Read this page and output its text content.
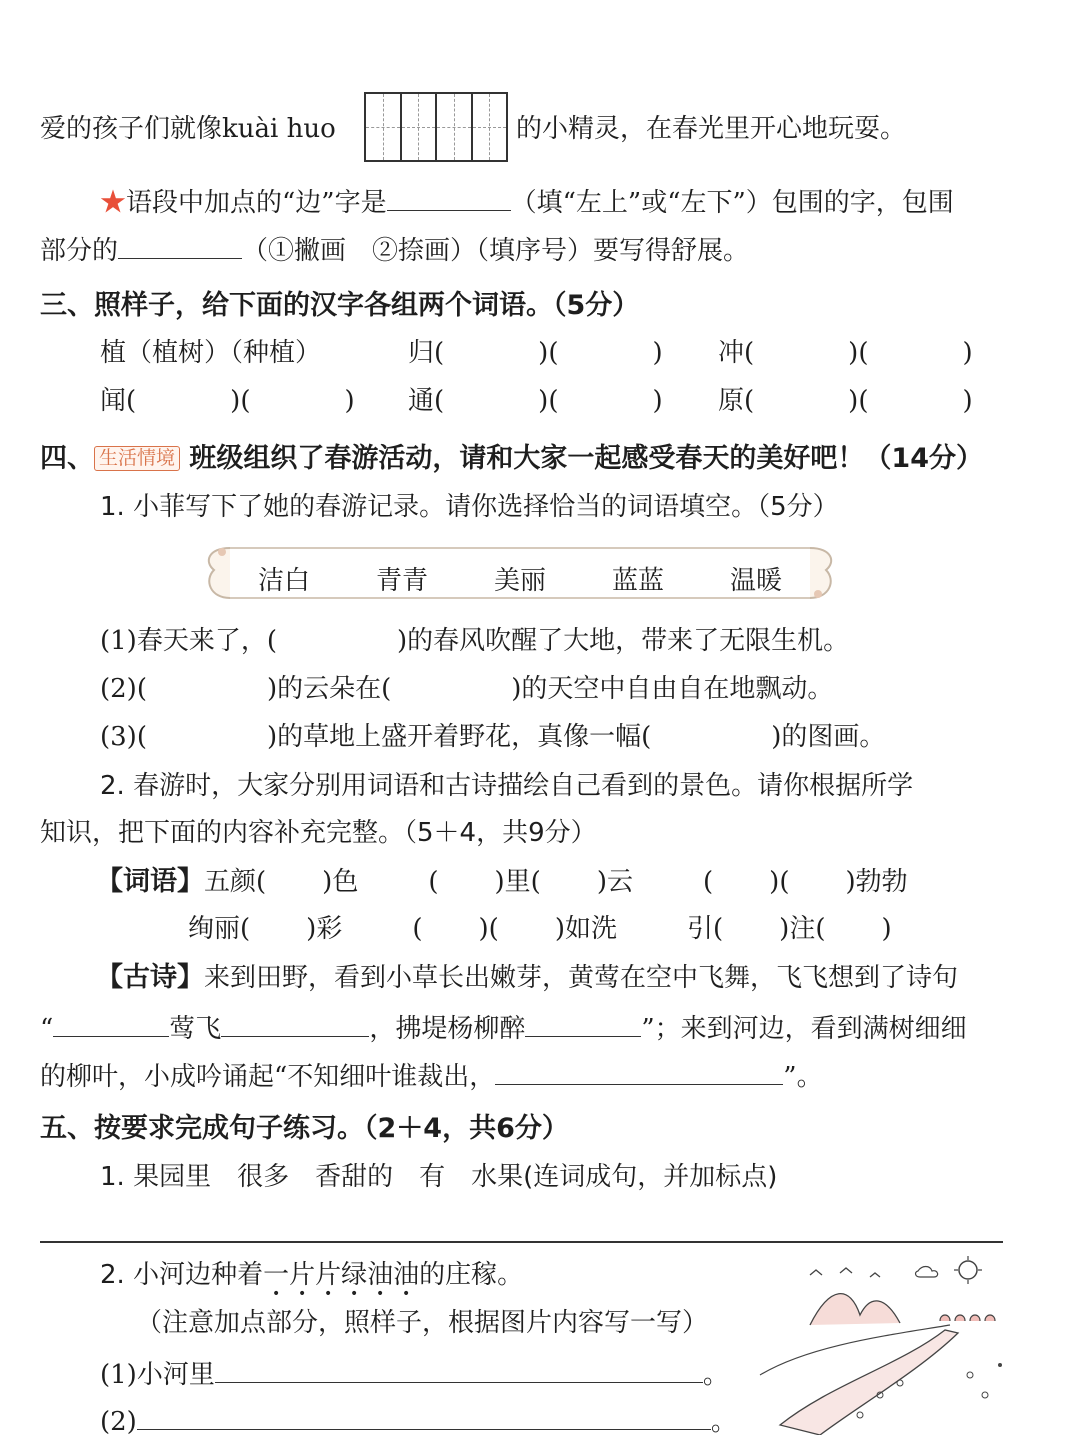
爱的孩子们就像kuài huo	的小精灵，在春光里开心地玩耍。
★语段中加点的“边”字是	（填“左上”或“左下”）包围的字，包围
部分的	（①撇画　②捺画）（填序号）要写得舒展。
三、照样子，给下面的汉字各组两个词语。（5分）
植（植树）（种植）	归(	)(	) 冲(	)(	)
闻(	)(	) 通(	)(	) 原(	)(	)
四、 生活情境 班级组织了春游活动，请和大家一起感受春天的美好吧！（14分）
1. 小菲写下了她的春游记录。请你选择恰当的词语填空。（5分）
洁白	青青	美丽	蓝蓝	温暖
(1)春天来了，(	)的春风吹醒了大地，带来了无限生机。
(2)(	)的云朵在(	)的天空中自由自在地飘动。
(3)(	)的草地上盛开着野花，真像一幅(	)的图画。
2. 春游时，大家分别用词语和古诗描绘自己看到的景色。请你根据所学
知识，把下面的内容补充完整。（5＋4，共9分）
【词语】五颜( )色	( )里( )云	( )( )勃勃
绚丽( )彩	( )( )如洗	引( )注( )
【古诗】来到田野，看到小草长出嫩芽，黄莺在空中飞舞，飞飞想到了诗句
“	莺飞	，拂堤杨柳醉	”；来到河边，看到满树细细
的柳叶，小成吟诵起“不知细叶谁裁出，	”。
五、按要求完成句子练习。（2＋4，共6分）
1. 果园里　很多　香甜的　有　水果(连词成句，并加标点)
2. 小河边种着一片片绿油油的庄稼。
（注意加点部分，照样子，根据图片内容写一写）
(1)小河里	。
(2)	。
